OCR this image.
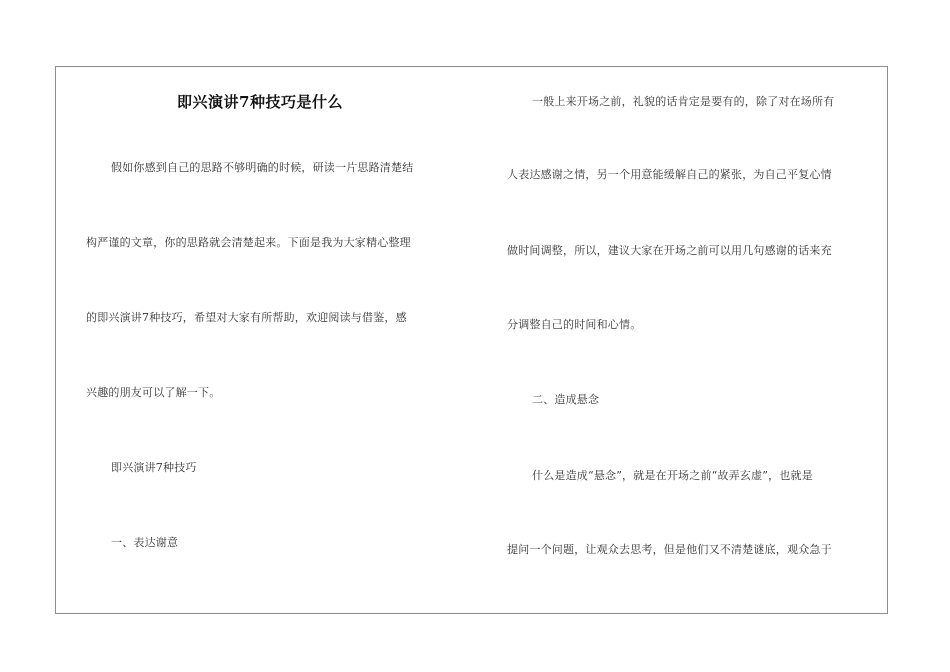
即兴演讲7种技巧是什么
假如你感到自己的思路不够明确的时候，研读一片思路清楚结
构严谨的文章，你的思路就会清楚起来。下面是我为大家精心整理
的即兴演讲7种技巧，希望对大家有所帮助，欢迎阅读与借鉴，感
兴趣的朋友可以了解一下。
即兴演讲7种技巧
一、表达谢意
一般上来开场之前，礼貌的话肯定是要有的，除了对在场所有
人表达感谢之情，另一个用意能缓解自己的紧张，为自己平复心情
做时间调整，所以，建议大家在开场之前可以用几句感谢的话来充
分调整自己的时间和心情。
二、造成悬念
什么是造成“悬念”，就是在开场之前“故弄玄虚”，也就是
提问一个问题，让观众去思考，但是他们又不清楚谜底，观众急于
